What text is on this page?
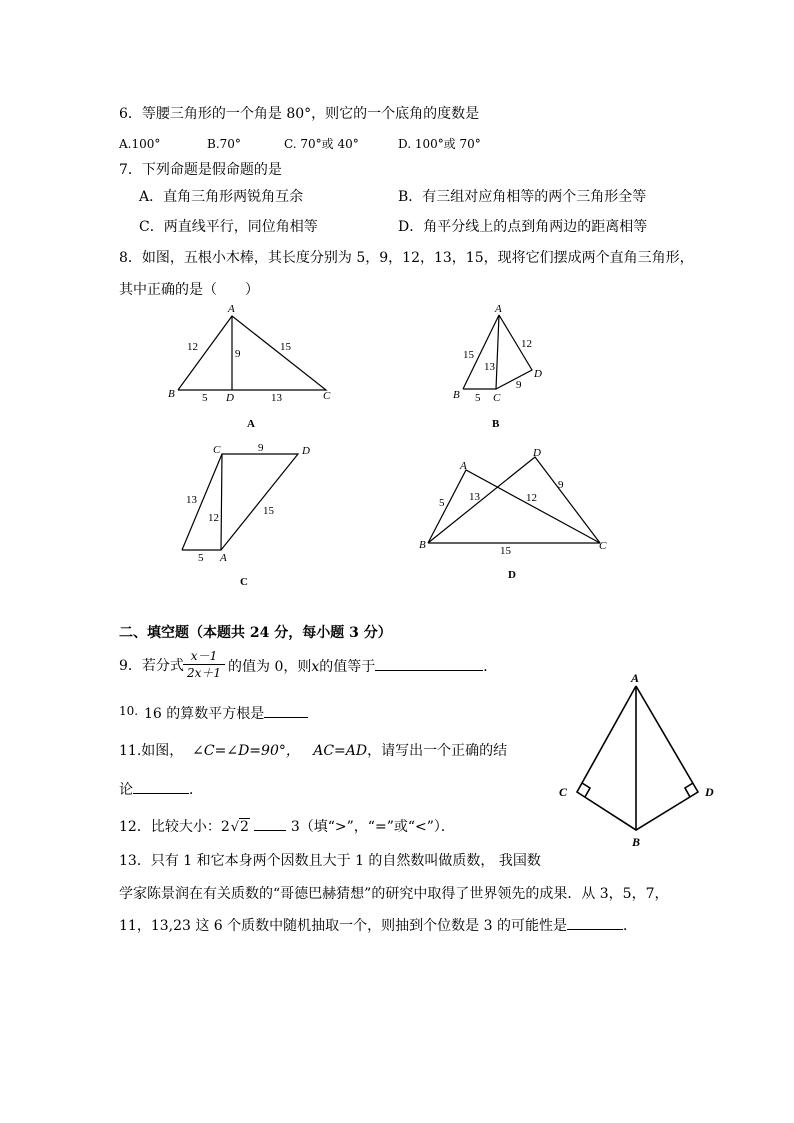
6．等腰三角形的一个角是 80°，则它的一个底角的度数是
A.100°	B.70°	C. 70°或 40°	D. 100°或 70°
7．下列命题是假命题的是
A．直角三角形两锐角互余	B．有三组对应角相等的两个三角形全等
C．两直线平行，同位角相等	D．角平分线上的点到角两边的距离相等
8．如图，五根小木棒，其长度分别为 5，9，12，13，15，现将它们摆成两个直角三角形，
其中正确的是（　　）
A
B	D	C
12
9
15
5	13
A
A
B	C
D
15
13
12
5
9
B
C	D
A
9
13
12
15
5
C
A
D
B	C
5 13	12
9
15
D
二、填空题（本题共 24 分，每小题 3 分）
9．若分式 $\frac{x-1}{2x+1}$ 的值为 0，则x的值等于	．
10. 16 的算数平方根是
11.如图， ∠C=∠D=90°， AC=AD，请写出一个正确的结
论	．
A
C	D
B
12．比较大小：2√2	3（填“>”，“=”或“<”）．
13．只有 1 和它本身两个因数且大于 1 的自然数叫做质数， 我国数
学家陈景润在有关质数的“哥德巴赫猜想”的研究中取得了世界领先的成果．从 3，5，7，
11，13,23 这 6 个质数中随机抽取一个，则抽到个位数是 3 的可能性是	．
